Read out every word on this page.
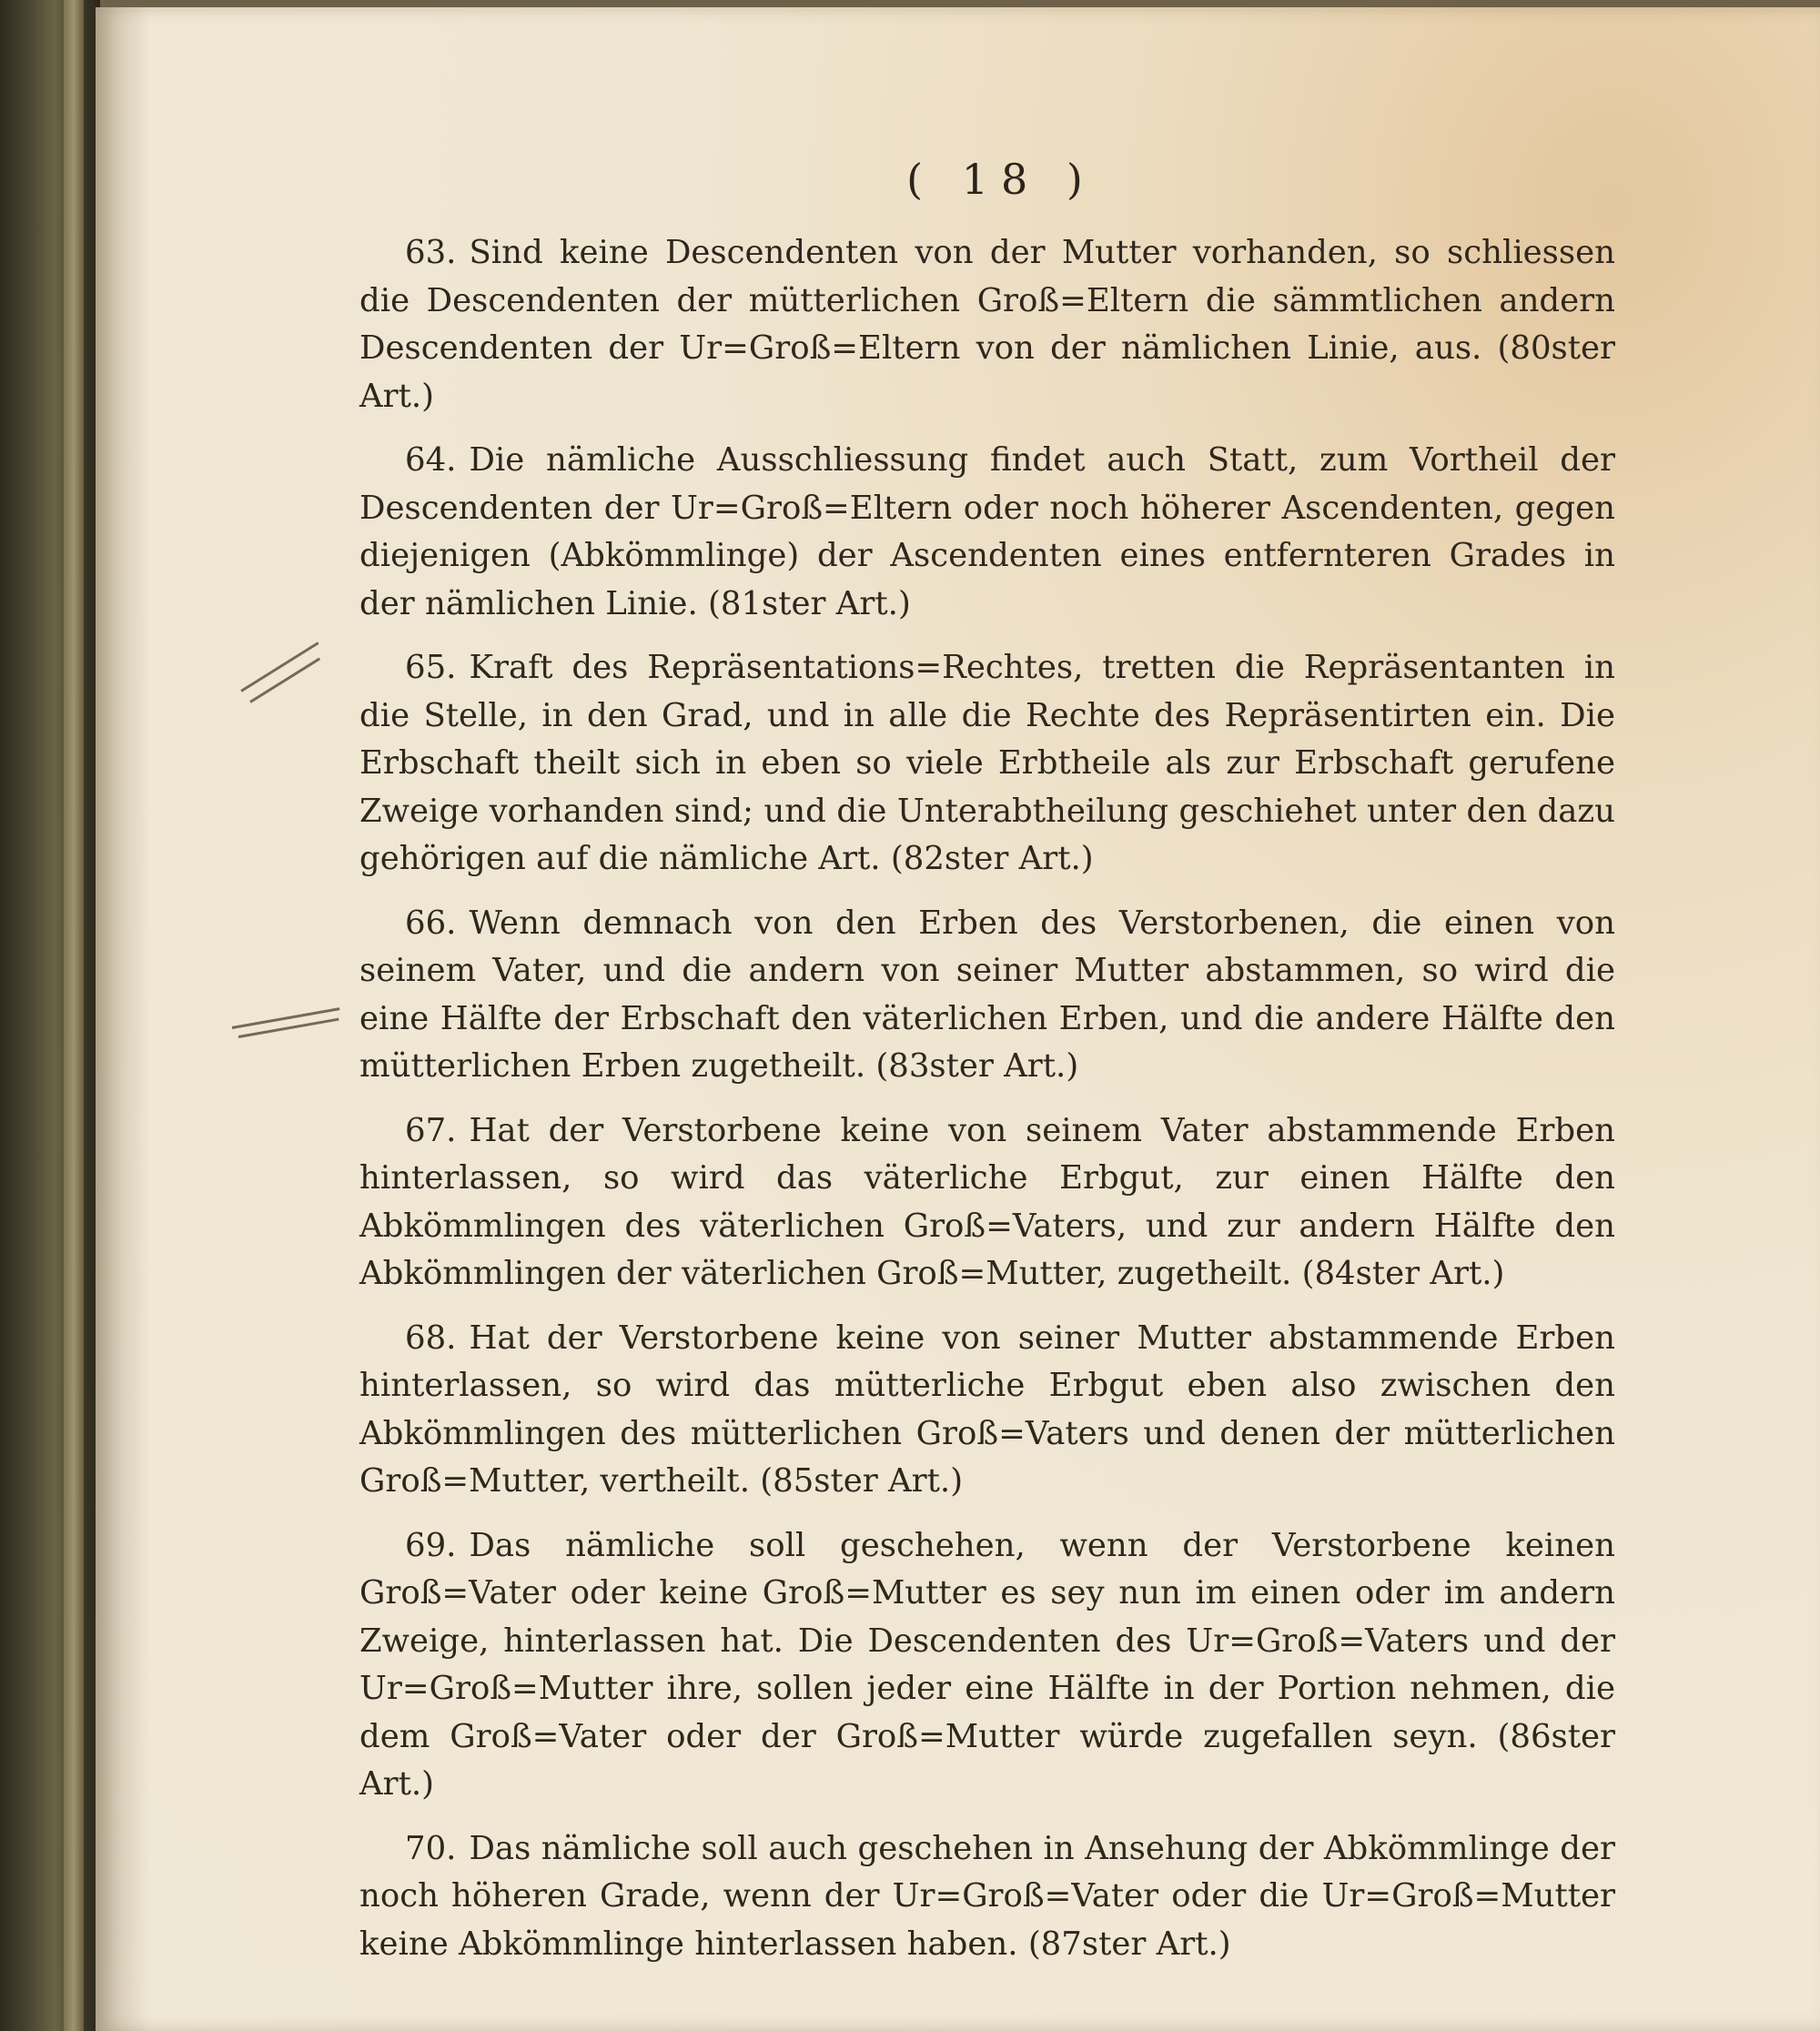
( 18 )

63. Sind keine Descendenten von der Mutter vorhanden, so schliessen die Descendenten der mütterlichen Groß=Eltern die sämmtlichen andern Descendenten der Ur=Groß=Eltern von der nämlichen Linie, aus. (80ster Art.)

64. Die nämliche Ausschliessung findet auch Statt, zum Vortheil der Descendenten der Ur=Groß=Eltern oder noch höherer Ascendenten, gegen diejenigen (Abkömmlinge) der Ascendenten eines entfernteren Grades in der nämlichen Linie. (81ster Art.)

65. Kraft des Repräsentations=Rechtes, tretten die Repräsentanten in die Stelle, in den Grad, und in alle die Rechte des Repräsentirten ein. Die Erbschaft theilt sich in eben so viele Erbtheile als zur Erbschaft gerufene Zweige vorhanden sind; und die Unterabtheilung geschiehet unter den dazu gehörigen auf die nämliche Art. (82ster Art.)

66. Wenn demnach von den Erben des Verstorbenen, die einen von seinem Vater, und die andern von seiner Mutter abstammen, so wird die eine Hälfte der Erbschaft den väterlichen Erben, und die andere Hälfte den mütterlichen Erben zugetheilt. (83ster Art.)

67. Hat der Verstorbene keine von seinem Vater abstammende Erben hinterlassen, so wird das väterliche Erbgut, zur einen Hälfte den Abkömmlingen des väterlichen Groß=Vaters, und zur andern Hälfte den Abkömmlingen der väterlichen Groß=Mutter, zugetheilt. (84ster Art.)

68. Hat der Verstorbene keine von seiner Mutter abstammende Erben hinterlassen, so wird das mütterliche Erbgut eben also zwischen den Abkömmlingen des mütterlichen Groß=Vaters und denen der mütterlichen Groß=Mutter, vertheilt. (85ster Art.)

69. Das nämliche soll geschehen, wenn der Verstorbene keinen Groß=Vater oder keine Groß=Mutter es sey nun im einen oder im andern Zweige, hinterlassen hat. Die Descendenten des Ur=Groß=Vaters und der Ur=Groß=Mutter ihre, sollen jeder eine Hälfte in der Portion nehmen, die dem Groß=Vater oder der Groß=Mutter würde zugefallen seyn. (86ster Art.)

70. Das nämliche soll auch geschehen in Ansehung der Abkömmlinge der noch höheren Grade, wenn der Ur=Groß=Vater oder die Ur=Groß=Mutter keine Abkömmlinge hinterlassen haben. (87ster Art.)
